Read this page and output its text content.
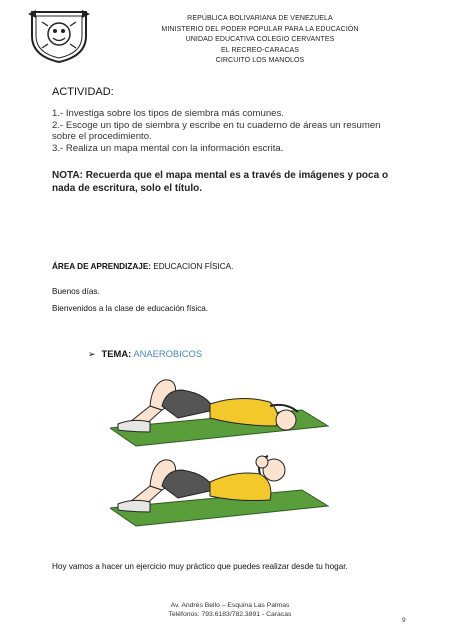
REPÚBLICA BOLIVARIANA DE VENEZUELA
MINISTERIO DEL PODER POPULAR PARA LA EDUCACIÓN
UNIDAD EDUCATIVA COLEGIO CERVANTES
EL RECREO-CARACAS
CIRCUITO LOS MANOLOS
ACTIVIDAD:
1.- Investiga sobre los tipos de siembra más comunes.
2.- Escoge un tipo de siembra y escribe en tu cuaderno de áreas un resumen
sobre el procedimiento.
3.- Realiza un mapa mental con la información escrita.
NOTA: Recuerda que el mapa mental es a través de imágenes y poca o
nada de escritura, solo el título.
ÁREA DE APRENDIZAJE: EDUCACION FÍSICA.
Buenos días.
Bienvenidos a la clase de educación física.
➢ TEMA: ANAEROBICOS
Hoy vamos a hacer un ejercicio muy práctico que puedes realizar desde tu hogar.
Av. Andrés Bello – Esquina Las Palmas
Teléfonos: 793.6183/782.3891 - Caracas
9
